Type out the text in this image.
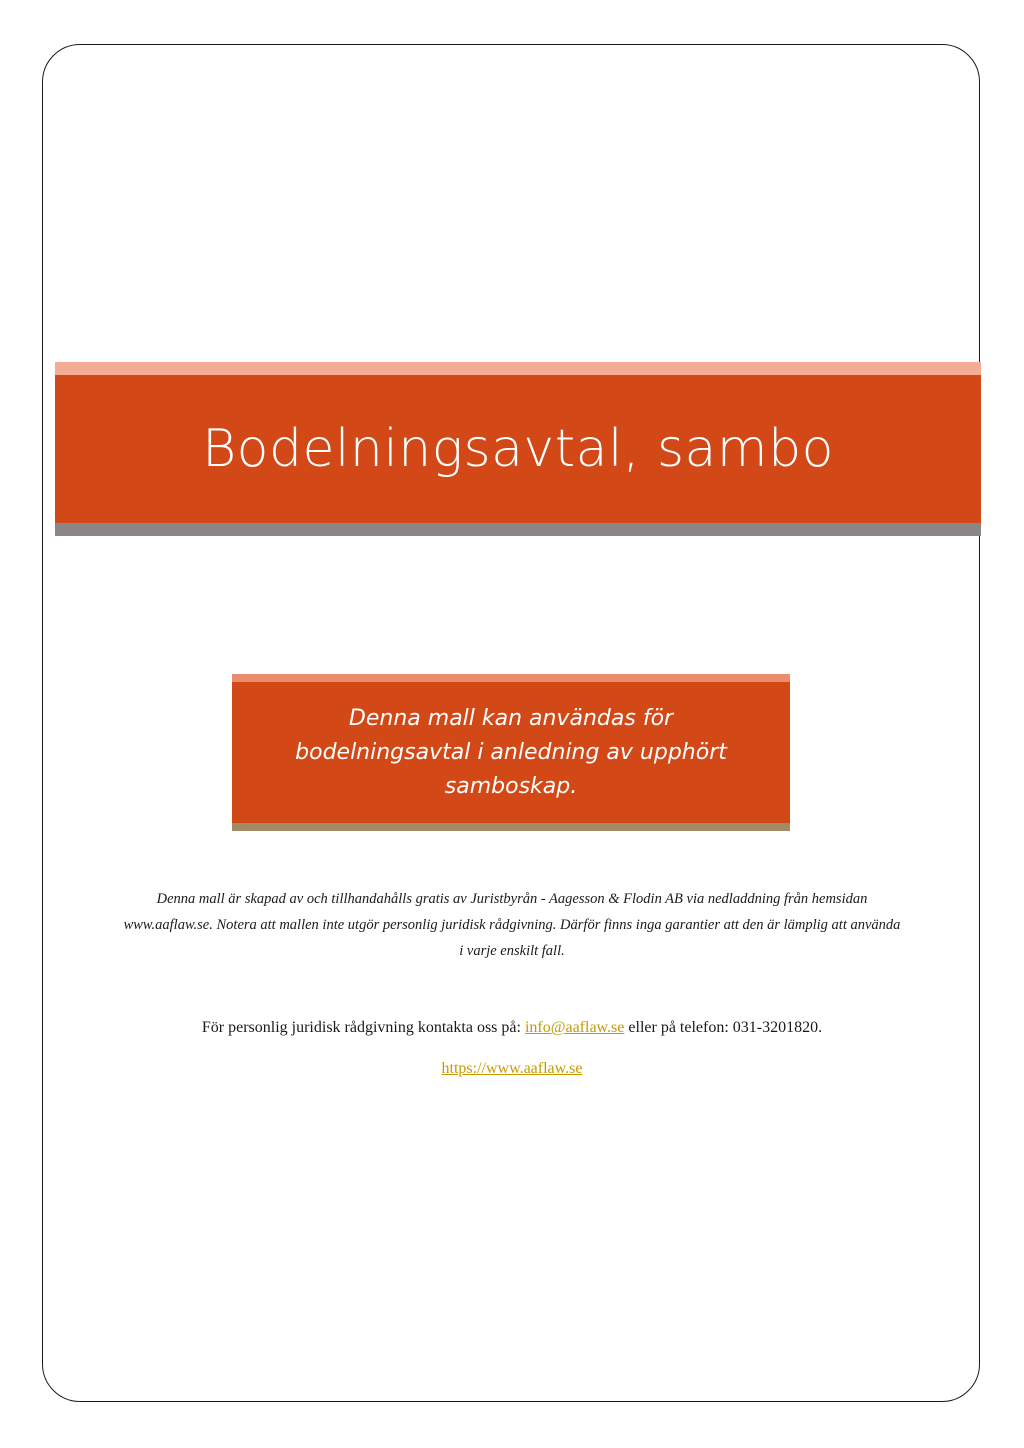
Bodelningsavtal, sambo

Denna mall kan användas för bodelningsavtal i anledning av upphört samboskap.

Denna mall är skapad av och tillhandahålls gratis av Juristbyrån - Aagesson & Flodin AB via nedladdning från hemsidan www.aaflaw.se. Notera att mallen inte utgör personlig juridisk rådgivning. Därför finns inga garantier att den är lämplig att använda i varje enskilt fall.

För personlig juridisk rådgivning kontakta oss på: info@aaflaw.se eller på telefon: 031-3201820.

https://www.aaflaw.se
